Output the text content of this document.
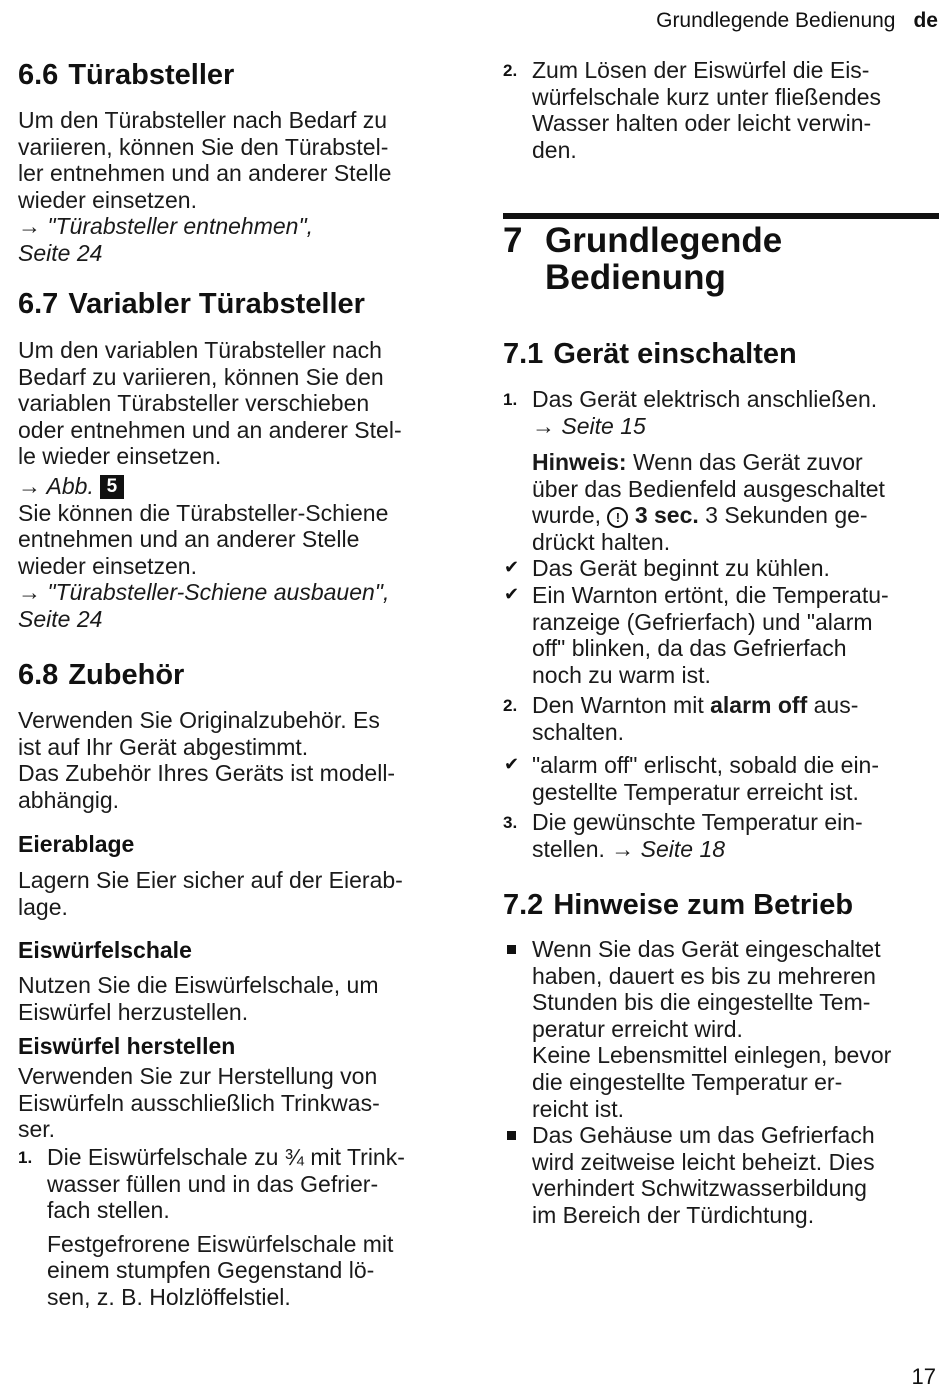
Grundlegende Bedienung de
6.6 Türabsteller
Um den Türabsteller nach Bedarf zu
variieren, können Sie den Türabstel-
ler entnehmen und an anderer Stelle
wieder einsetzen.
→ "Türabsteller entnehmen",
Seite 24
6.7 Variabler Türabsteller
Um den variablen Türabsteller nach
Bedarf zu variieren, können Sie den
variablen Türabsteller verschieben
oder entnehmen und an anderer Stel-
le wieder einsetzen.
→ Abb. 5
Sie können die Türabsteller-Schiene
entnehmen und an anderer Stelle
wieder einsetzen.
→ "Türabsteller-Schiene ausbauen",
Seite 24
6.8 Zubehör
Verwenden Sie Originalzubehör. Es
ist auf Ihr Gerät abgestimmt.
Das Zubehör Ihres Geräts ist modell-
abhängig.
Eierablage
Lagern Sie Eier sicher auf der Eierab-
lage.
Eiswürfelschale
Nutzen Sie die Eiswürfelschale, um
Eiswürfel herzustellen.
Eiswürfel herstellen
Verwenden Sie zur Herstellung von
Eiswürfeln ausschließlich Trinkwas-
ser.
1. Die Eiswürfelschale zu ¾ mit Trink-
wasser füllen und in das Gefrier-
fach stellen.
Festgefrorene Eiswürfelschale mit
einem stumpfen Gegenstand lö-
sen, z. B. Holzlöffelstiel.
2. Zum Lösen der Eiswürfel die Eis-
würfelschale kurz unter fließendes
Wasser halten oder leicht verwin-
den.
7 Grundlegende
Bedienung
7.1 Gerät einschalten
1. Das Gerät elektrisch anschließen.
→ Seite 15
Hinweis: Wenn das Gerät zuvor
über das Bedienfeld ausgeschaltet
wurde, ! 3 sec. 3 Sekunden ge-
drückt halten.
✔ Das Gerät beginnt zu kühlen.
✔ Ein Warnton ertönt, die Temperatu-
ranzeige (Gefrierfach) und "alarm
off" blinken, da das Gefrierfach
noch zu warm ist.
2. Den Warnton mit alarm off aus-
schalten.
✔ "alarm off" erlischt, sobald die ein-
gestellte Temperatur erreicht ist.
3. Die gewünschte Temperatur ein-
stellen. → Seite 18
7.2 Hinweise zum Betrieb
Wenn Sie das Gerät eingeschaltet
haben, dauert es bis zu mehreren
Stunden bis die eingestellte Tem-
peratur erreicht wird.
Keine Lebensmittel einlegen, bevor
die eingestellte Temperatur er-
reicht ist.
Das Gehäuse um das Gefrierfach
wird zeitweise leicht beheizt. Dies
verhindert Schwitzwasserbildung
im Bereich der Türdichtung.
17
